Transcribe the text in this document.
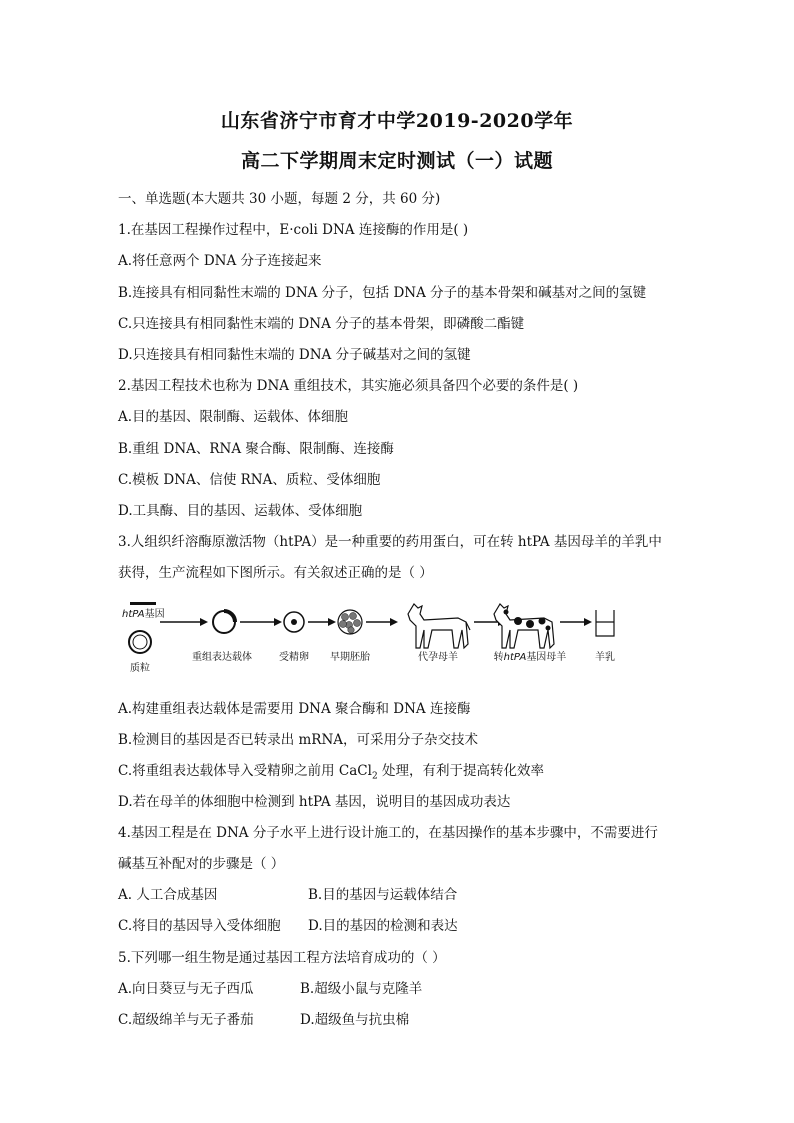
山东省济宁市育才中学2019-2020学年
高二下学期周末定时测试（一）试题
一、单选题(本大题共 30 小题，每题 2 分，共 60 分)
1.在基因工程操作过程中，E·coli DNA 连接酶的作用是( )
A.将任意两个 DNA 分子连接起来
B.连接具有相同黏性末端的 DNA 分子，包括 DNA 分子的基本骨架和碱基对之间的氢键
C.只连接具有相同黏性末端的 DNA 分子的基本骨架，即磷酸二酯键
D.只连接具有相同黏性末端的 DNA 分子碱基对之间的氢键
2.基因工程技术也称为 DNA 重组技术，其实施必须具备四个必要的条件是( )
A.目的基因、限制酶、运载体、体细胞
B.重组 DNA、RNA 聚合酶、限制酶、连接酶
C.模板 DNA、信使 RNA、质粒、受体细胞
D.工具酶、目的基因、运载体、受体细胞
3.人组织纤溶酶原激活物（htPA）是一种重要的药用蛋白，可在转 htPA 基因母羊的羊乳中
获得，生产流程如下图所示。有关叙述正确的是（ ）
htPA基因
质粒
重组表达载体	受精卵 早期胚胎	代孕母羊	转htPA基因母羊	羊乳
A.构建重组表达载体是需要用 DNA 聚合酶和 DNA 连接酶
B.检测目的基因是否已转录出 mRNA，可采用分子杂交技术
C.将重组表达载体导入受精卵之前用 CaCl$_2$ 处理，有利于提高转化效率
D.若在母羊的体细胞中检测到 htPA 基因，说明目的基因成功表达
4.基因工程是在 DNA 分子水平上进行设计施工的，在基因操作的基本步骤中，不需要进行
碱基互补配对的步骤是（ ）
A. 人工合成基因	B.目的基因与运载体结合
C.将目的基因导入受体细胞 D.目的基因的检测和表达
5.下列哪一组生物是通过基因工程方法培育成功的（ ）
A.向日葵豆与无子西瓜	B.超级小鼠与克隆羊
C.超级绵羊与无子番茄	D.超级鱼与抗虫棉
